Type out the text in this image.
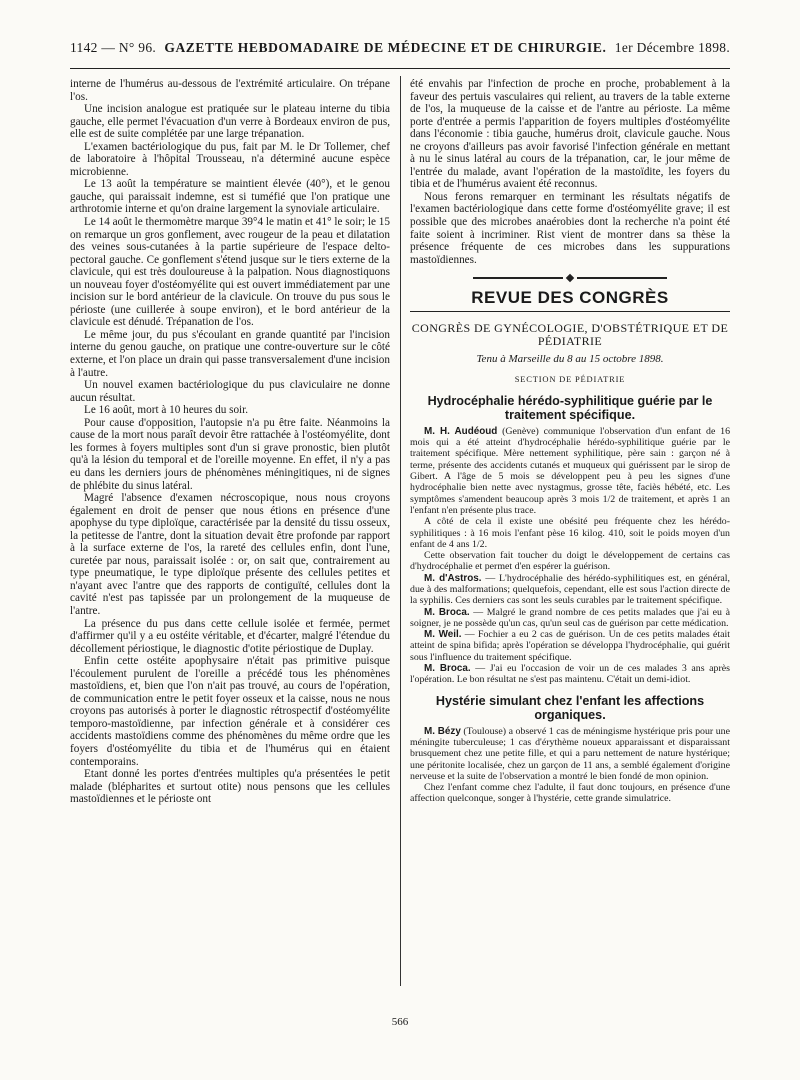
1142 — N° 96. GAZETTE HEBDOMADAIRE DE MÉDECINE ET DE CHIRURGIE. 1er Décembre 1898.

interne de l'humérus au-dessous de l'extrémité articulaire. On trépane l'os.

Une incision analogue est pratiquée sur le plateau interne du tibia gauche, elle permet l'évacuation d'un verre à Bordeaux environ de pus, elle est de suite complétée par une large trépanation.

L'examen bactériologique du pus, fait par M. le Dr Tollemer, chef de laboratoire à l'hôpital Trousseau, n'a déterminé aucune espèce microbienne.

Le 13 août la température se maintient élevée (40°), et le genou gauche, qui paraissait indemne, est si tuméfié que l'on pratique une arthrotomie interne et qu'on draine largement la synoviale articulaire.

Le 14 août le thermomètre marque 39°4 le matin et 41° le soir; le 15 on remarque un gros gonflement, avec rougeur de la peau et dilatation des veines sous-cutanées à la partie supérieure de l'espace delto-pectoral gauche. Ce gonflement s'étend jusque sur le tiers externe de la clavicule, qui est très douloureuse à la palpation. Nous diagnostiquons un nouveau foyer d'ostéomyélite qui est ouvert immédiatement par une incision sur le bord antérieur de la clavicule. On trouve du pus sous le périoste (une cuillerée à soupe environ), et le bord antérieur de la clavicule est dénudé. Trépanation de l'os.

Le même jour, du pus s'écoulant en grande quantité par l'incision interne du genou gauche, on pratique une contre-ouverture sur le côté externe, et l'on place un drain qui passe transversalement d'une incision à l'autre.

Un nouvel examen bactériologique du pus claviculaire ne donne aucun résultat.

Le 16 août, mort à 10 heures du soir.

Pour cause d'opposition, l'autopsie n'a pu être faite. Néanmoins la cause de la mort nous paraît devoir être rattachée à l'ostéomyélite, dont les formes à foyers multiples sont d'un si grave pronostic, bien plutôt qu'à la lésion du temporal et de l'oreille moyenne. En effet, il n'y a pas eu dans les derniers jours de phénomènes méningitiques, ni de signes de phlébite du sinus latéral.

Magré l'absence d'examen nécroscopique, nous nous croyons également en droit de penser que nous étions en présence d'une apophyse du type diploïque, caractérisée par la densité du tissu osseux, la petitesse de l'antre, dont la situation devait être profonde par rapport à la surface externe de l'os, la rareté des cellules enfin, dont l'une, curetée par nous, paraissait isolée : or, on sait que, contrairement au type pneumatique, le type diploïque présente des cellules petites et n'ayant avec l'antre que des rapports de contiguïté, cellules dont la cavité n'est pas tapissée par un prolongement de la muqueuse de l'antre.

La présence du pus dans cette cellule isolée et fermée, permet d'affirmer qu'il y a eu ostéite véritable, et d'écarter, malgré l'étendue du décollement périostique, le diagnostic d'otite périostique de Duplay.

Enfin cette ostéite apophysaire n'était pas primitive puisque l'écoulement purulent de l'oreille a précédé tous les phénomènes mastoïdiens, et, bien que l'on n'ait pas trouvé, au cours de l'opération, de communication entre le petit foyer osseux et la caisse, nous ne nous croyons pas autorisés à porter le diagnostic rétrospectif d'ostéomyélite temporo-mastoïdienne, par infection générale et à considérer ces accidents mastoïdiens comme des phénomènes du même ordre que les foyers d'ostéomyélite du tibia et de l'humérus qui en étaient contemporains.

Etant donné les portes d'entrées multiples qu'a présentées le petit malade (blépharites et surtout otite) nous pensons que les cellules mastoïdiennes et le périoste ont

été envahis par l'infection de proche en proche, probablement à la faveur des pertuis vasculaires qui relient, au travers de la table externe de l'os, la muqueuse de la caisse et de l'antre au périoste. La même porte d'entrée a permis l'apparition de foyers multiples d'ostéomyélite dans l'économie : tibia gauche, humérus droit, clavicule gauche. Nous ne croyons d'ailleurs pas avoir favorisé l'infection générale en mettant à nu le sinus latéral au cours de la trépanation, car, le jour même de l'entrée du malade, avant l'opération de la mastoïdite, les foyers du tibia et de l'humérus avaient été reconnus.

Nous ferons remarquer en terminant les résultats négatifs de l'examen bactériologique dans cette forme d'ostéomyélite grave; il est possible que des microbes anaérobies dont la recherche n'a point été faite soient à incriminer. Rist vient de montrer dans sa thèse la présence fréquente de ces microbes dans les suppurations mastoïdiennes.

REVUE DES CONGRÈS
CONGRÈS DE GYNÉCOLOGIE, D'OBSTÉTRIQUE ET DE PÉDIATRIE
Tenu à Marseille du 8 au 15 octobre 1898.
SECTION DE PÉDIATRIE
Hydrocéphalie hérédo-syphilitique guérie par le traitement spécifique.

M. H. Audéoud (Genève) communique l'observation d'un enfant de 16 mois qui a été atteint d'hydrocéphalie hérédo-syphilitique guérie par le traitement spécifique. Mère nettement syphilitique, père sain : garçon né à terme, présente des accidents cutanés et muqueux qui guérissent par le sirop de Gibert. A l'âge de 5 mois se développent peu à peu les signes d'une hydrocéphalie bien nette avec nystagmus, grosse tête, faciès hébété, etc. Les symptômes s'amendent beaucoup après 3 mois 1/2 de traitement, et après 1 an l'enfant n'en présente plus trace.

A côté de cela il existe une obésité peu fréquente chez les hérédo-syphilitiques : à 16 mois l'enfant pèse 16 kilog. 410, soit le poids moyen d'un enfant de 4 ans 1/2.

Cette observation fait toucher du doigt le développement de certains cas d'hydrocéphalie et permet d'en espérer la guérison.

M. d'Astros. — L'hydrocéphalie des hérédo-syphilitiques est, en général, due à des malformations; quelquefois, cependant, elle est sous l'action directe de la syphilis. Ces derniers cas sont les seuls curables par le traitement spécifique.

M. Broca. — Malgré le grand nombre de ces petits malades que j'ai eu à soigner, je ne possède qu'un cas, qu'un seul cas de guérison par cette médication.

M. Weil. — Fochier a eu 2 cas de guérison. Un de ces petits malades était atteint de spina bifida; après l'opération se développa l'hydrocéphalie, qui guérit sous l'influence du traitement spécifique.

M. Broca. — J'ai eu l'occasion de voir un de ces malades 3 ans après l'opération. Le bon résultat ne s'est pas maintenu. C'était un demi-idiot.

Hystérie simulant chez l'enfant les affections organiques.

M. Bézy (Toulouse) a observé 1 cas de méningisme hystérique pris pour une méningite tuberculeuse; 1 cas d'érythème noueux apparaissant et disparaissant brusquement chez une petite fille, et qui a paru nettement de nature hystérique; une péritonite localisée, chez un garçon de 11 ans, a semblé également d'origine nerveuse et la suite de l'observation a montré le bien fondé de mon opinion.

Chez l'enfant comme chez l'adulte, il faut donc toujours, en présence d'une affection quelconque, songer à l'hystérie, cette grande simulatrice.

566
